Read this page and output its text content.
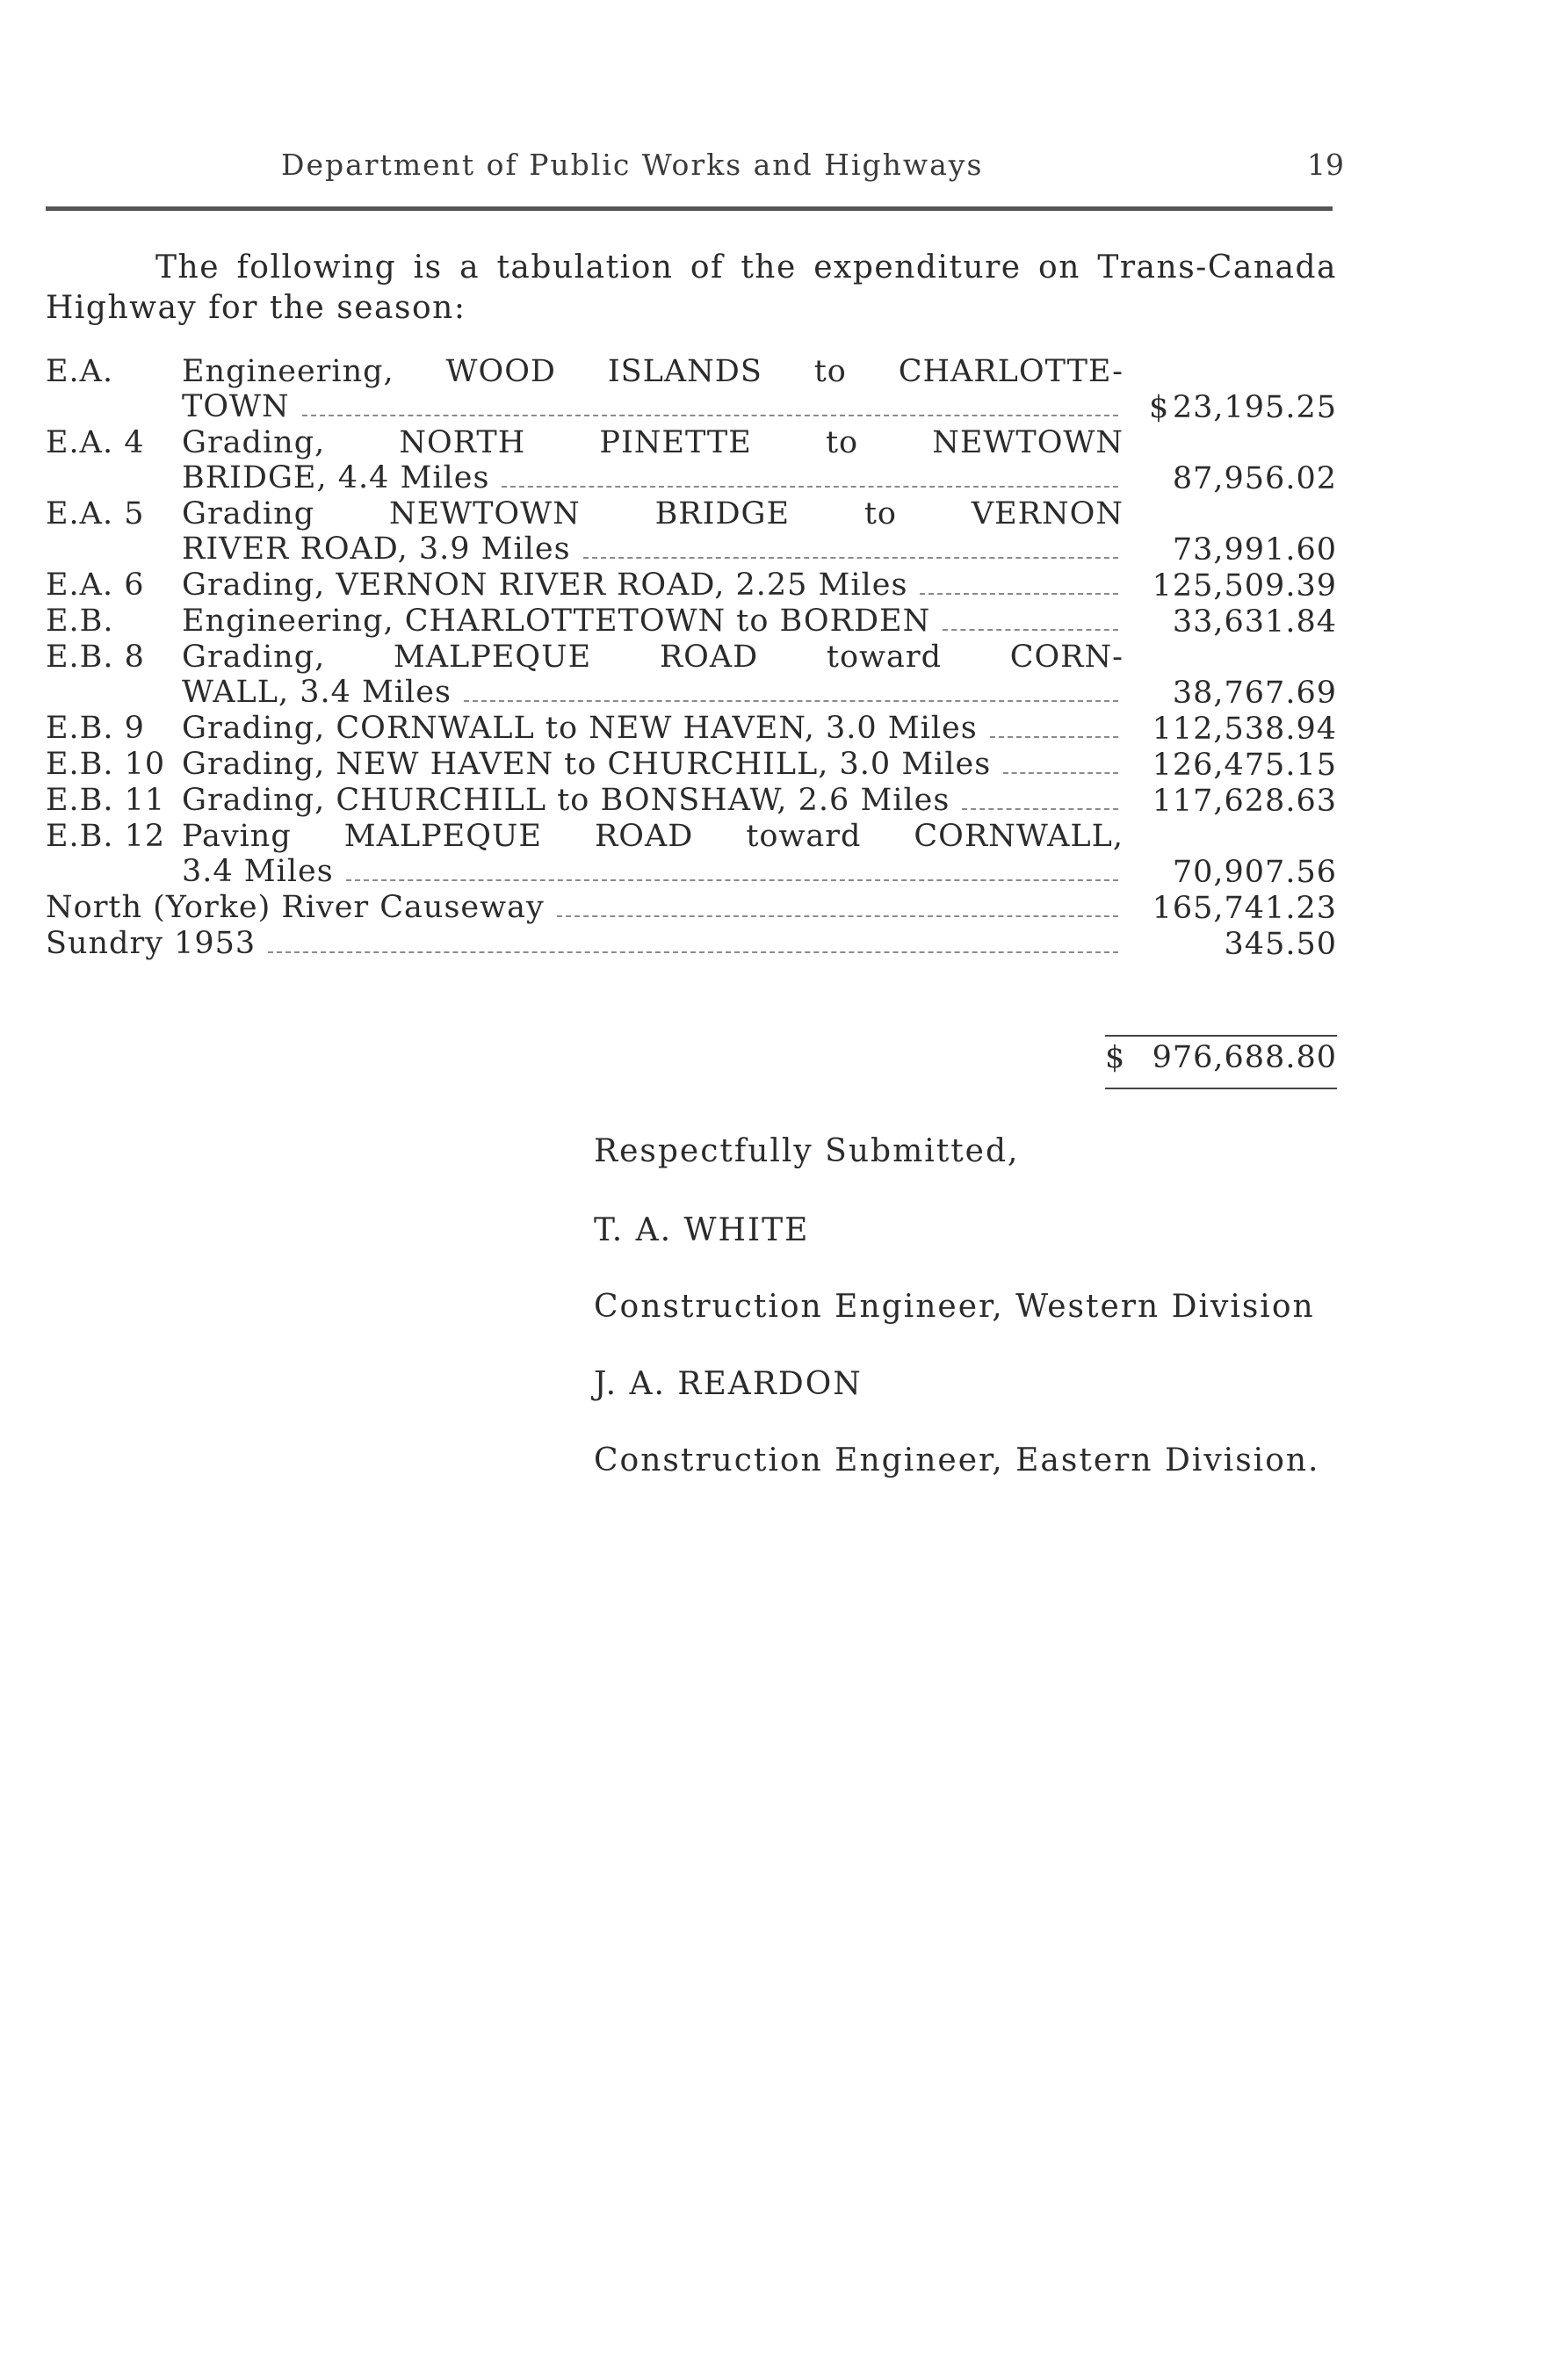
Department of Public Works and Highways	19
The following is a tabulation of the expenditure on Trans-Canada Highway for the season:
E.A. Engineering, WOOD ISLANDS to CHARLOTTE-
TOWN	$ 23,195.25
E.A. 4 Grading, NORTH PINETTE to NEWTOWN
BRIDGE, 4.4 Miles	87,956.02
E.A. 5 Grading NEWTOWN BRIDGE to VERNON
RIVER ROAD, 3.9 Miles	73,991.60
E.A. 6 Grading, VERNON RIVER ROAD, 2.25 Miles	125,509.39
E.B. Engineering, CHARLOTTETOWN to BORDEN	33,631.84
E.B. 8 Grading, MALPEQUE ROAD toward CORN-
WALL, 3.4 Miles	38,767.69
E.B. 9 Grading, CORNWALL to NEW HAVEN, 3.0 Miles	112,538.94
E.B. 10 Grading, NEW HAVEN to CHURCHILL, 3.0 Miles	126,475.15
E.B. 11 Grading, CHURCHILL to BONSHAW, 2.6 Miles	117,628.63
E.B. 12 Paving MALPEQUE ROAD toward CORNWALL,
3.4 Miles	70,907.56
North (Yorke) River Causeway	165,741.23
Sundry 1953	345.50
$ 976,688.80
Respectfully Submitted,
T. A. WHITE
Construction Engineer, Western Division
J. A. REARDON
Construction Engineer, Eastern Division.
